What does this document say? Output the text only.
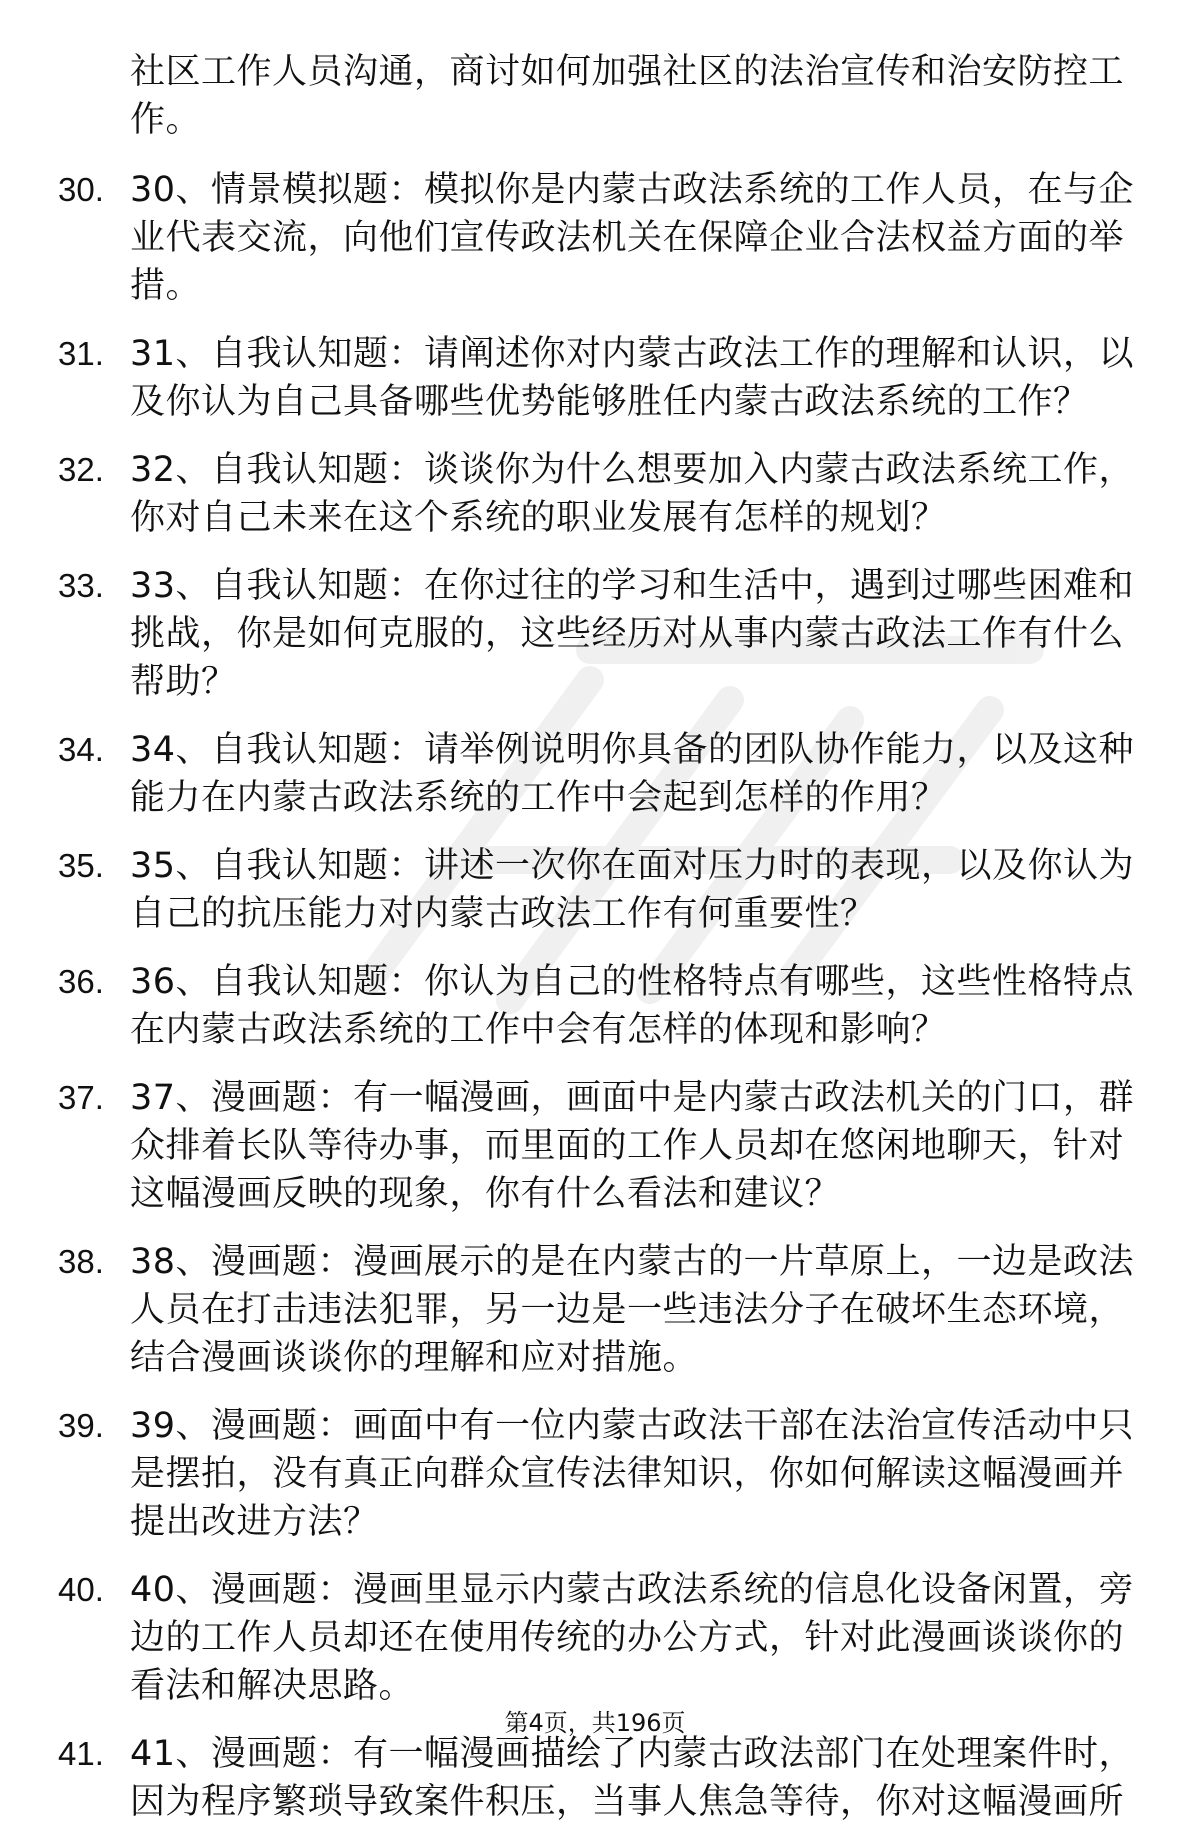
社区工作人员沟通，商讨如何加强社区的法治宣传和治安防控工作。
30. 30、情景模拟题：模拟你是内蒙古政法系统的工作人员，在与企业代表交流，向他们宣传政法机关在保障企业合法权益方面的举措。
31. 31、自我认知题：请阐述你对内蒙古政法工作的理解和认识，以及你认为自己具备哪些优势能够胜任内蒙古政法系统的工作？
32. 32、自我认知题：谈谈你为什么想要加入内蒙古政法系统工作，你对自己未来在这个系统的职业发展有怎样的规划？
33. 33、自我认知题：在你过往的学习和生活中，遇到过哪些困难和挑战，你是如何克服的，这些经历对从事内蒙古政法工作有什么帮助？
34. 34、自我认知题：请举例说明你具备的团队协作能力，以及这种能力在内蒙古政法系统的工作中会起到怎样的作用？
35. 35、自我认知题：讲述一次你在面对压力时的表现，以及你认为自己的抗压能力对内蒙古政法工作有何重要性？
36. 36、自我认知题：你认为自己的性格特点有哪些，这些性格特点在内蒙古政法系统的工作中会有怎样的体现和影响？
37. 37、漫画题：有一幅漫画，画面中是内蒙古政法机关的门口，群众排着长队等待办事，而里面的工作人员却在悠闲地聊天，针对这幅漫画反映的现象，你有什么看法和建议？
38. 38、漫画题：漫画展示的是在内蒙古的一片草原上，一边是政法人员在打击违法犯罪，另一边是一些违法分子在破坏生态环境，结合漫画谈谈你的理解和应对措施。
39. 39、漫画题：画面中有一位内蒙古政法干部在法治宣传活动中只是摆拍，没有真正向群众宣传法律知识，你如何解读这幅漫画并提出改进方法？
40. 40、漫画题：漫画里显示内蒙古政法系统的信息化设备闲置，旁边的工作人员却还在使用传统的办公方式，针对此漫画谈谈你的看法和解决思路。
41. 41、漫画题：有一幅漫画描绘了内蒙古政法部门在处理案件时，因为程序繁琐导致案件积压，当事人焦急等待，你对这幅漫画所
第4页，共196页
